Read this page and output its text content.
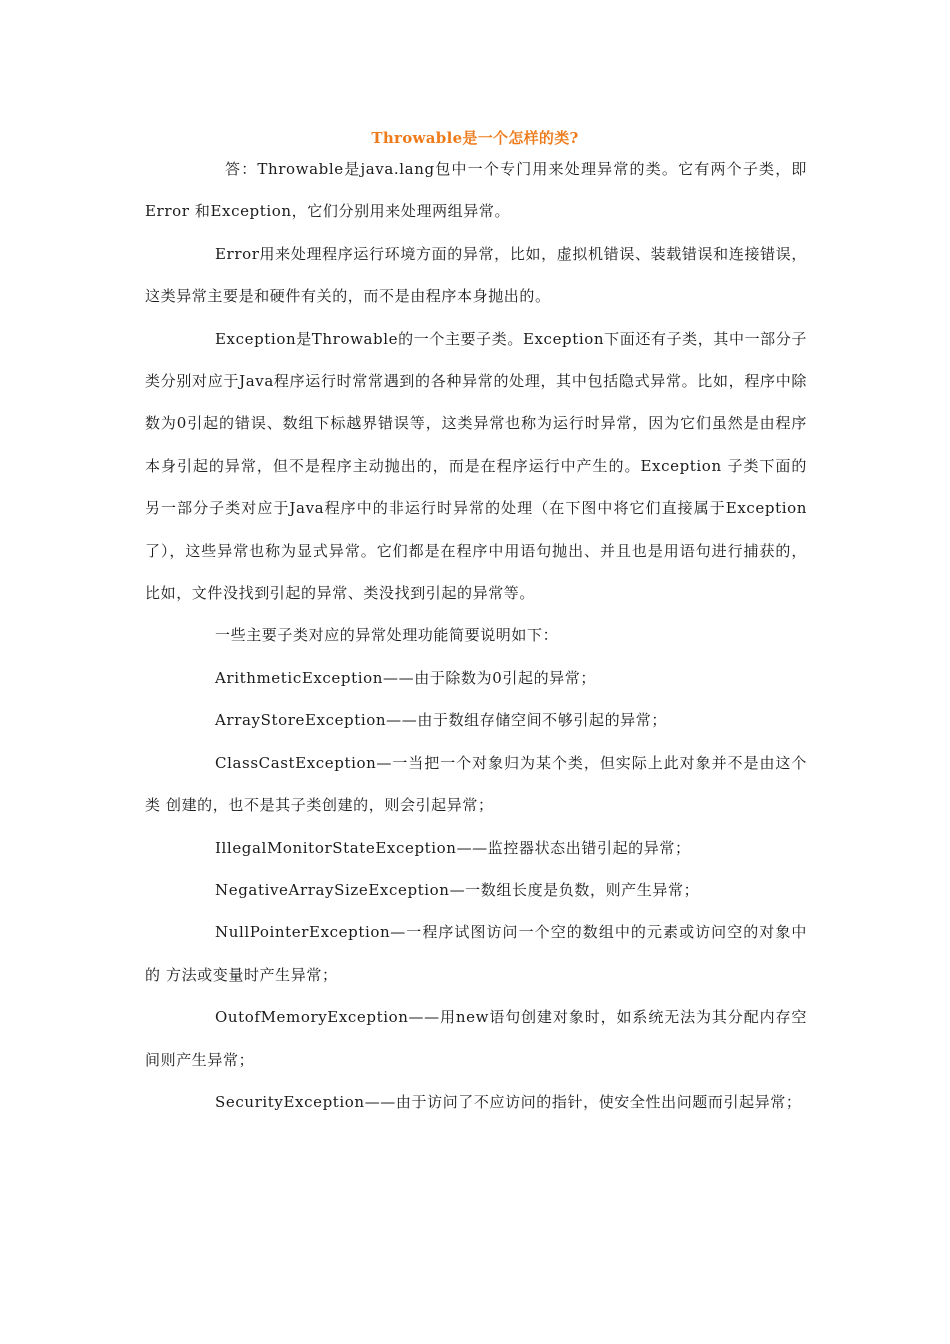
Throwable是一个怎样的类?

答：Throwable是java.lang包中一个专门用来处理异常的类。它有两个子类，即Error 和Exception，它们分别用来处理两组异常。

Error用来处理程序运行环境方面的异常，比如，虚拟机错误、装载错误和连接错误，这类异常主要是和硬件有关的，而不是由程序本身抛出的。

Exception是Throwable的一个主要子类。Exception下面还有子类，其中一部分子类分别对应于Java程序运行时常常遇到的各种异常的处理，其中包括隐式异常。比如，程序中除数为0引起的错误、数组下标越界错误等，这类异常也称为运行时异常，因为它们虽然是由程序本身引起的异常，但不是程序主动抛出的，而是在程序运行中产生的。Exception 子类下面的另一部分子类对应于Java程序中的非运行时异常的处理（在下图中将它们直接属于Exception了），这些异常也称为显式异常。它们都是在程序中用语句抛出、并且也是用语句进行捕获的，比如，文件没找到引起的异常、类没找到引起的异常等。

一些主要子类对应的异常处理功能简要说明如下：

ArithmeticException——由于除数为0引起的异常；

ArrayStoreException——由于数组存储空间不够引起的异常；

ClassCastException—一当把一个对象归为某个类，但实际上此对象并不是由这个类 创建的，也不是其子类创建的，则会引起异常；

IllegalMonitorStateException——监控器状态出错引起的异常；

NegativeArraySizeException—一数组长度是负数，则产生异常；

NullPointerException—一程序试图访问一个空的数组中的元素或访问空的对象中的 方法或变量时产生异常；

OutofMemoryException——用new语句创建对象时，如系统无法为其分配内存空 间则产生异常；

SecurityException——由于访问了不应访问的指针，使安全性出问题而引起异常；
